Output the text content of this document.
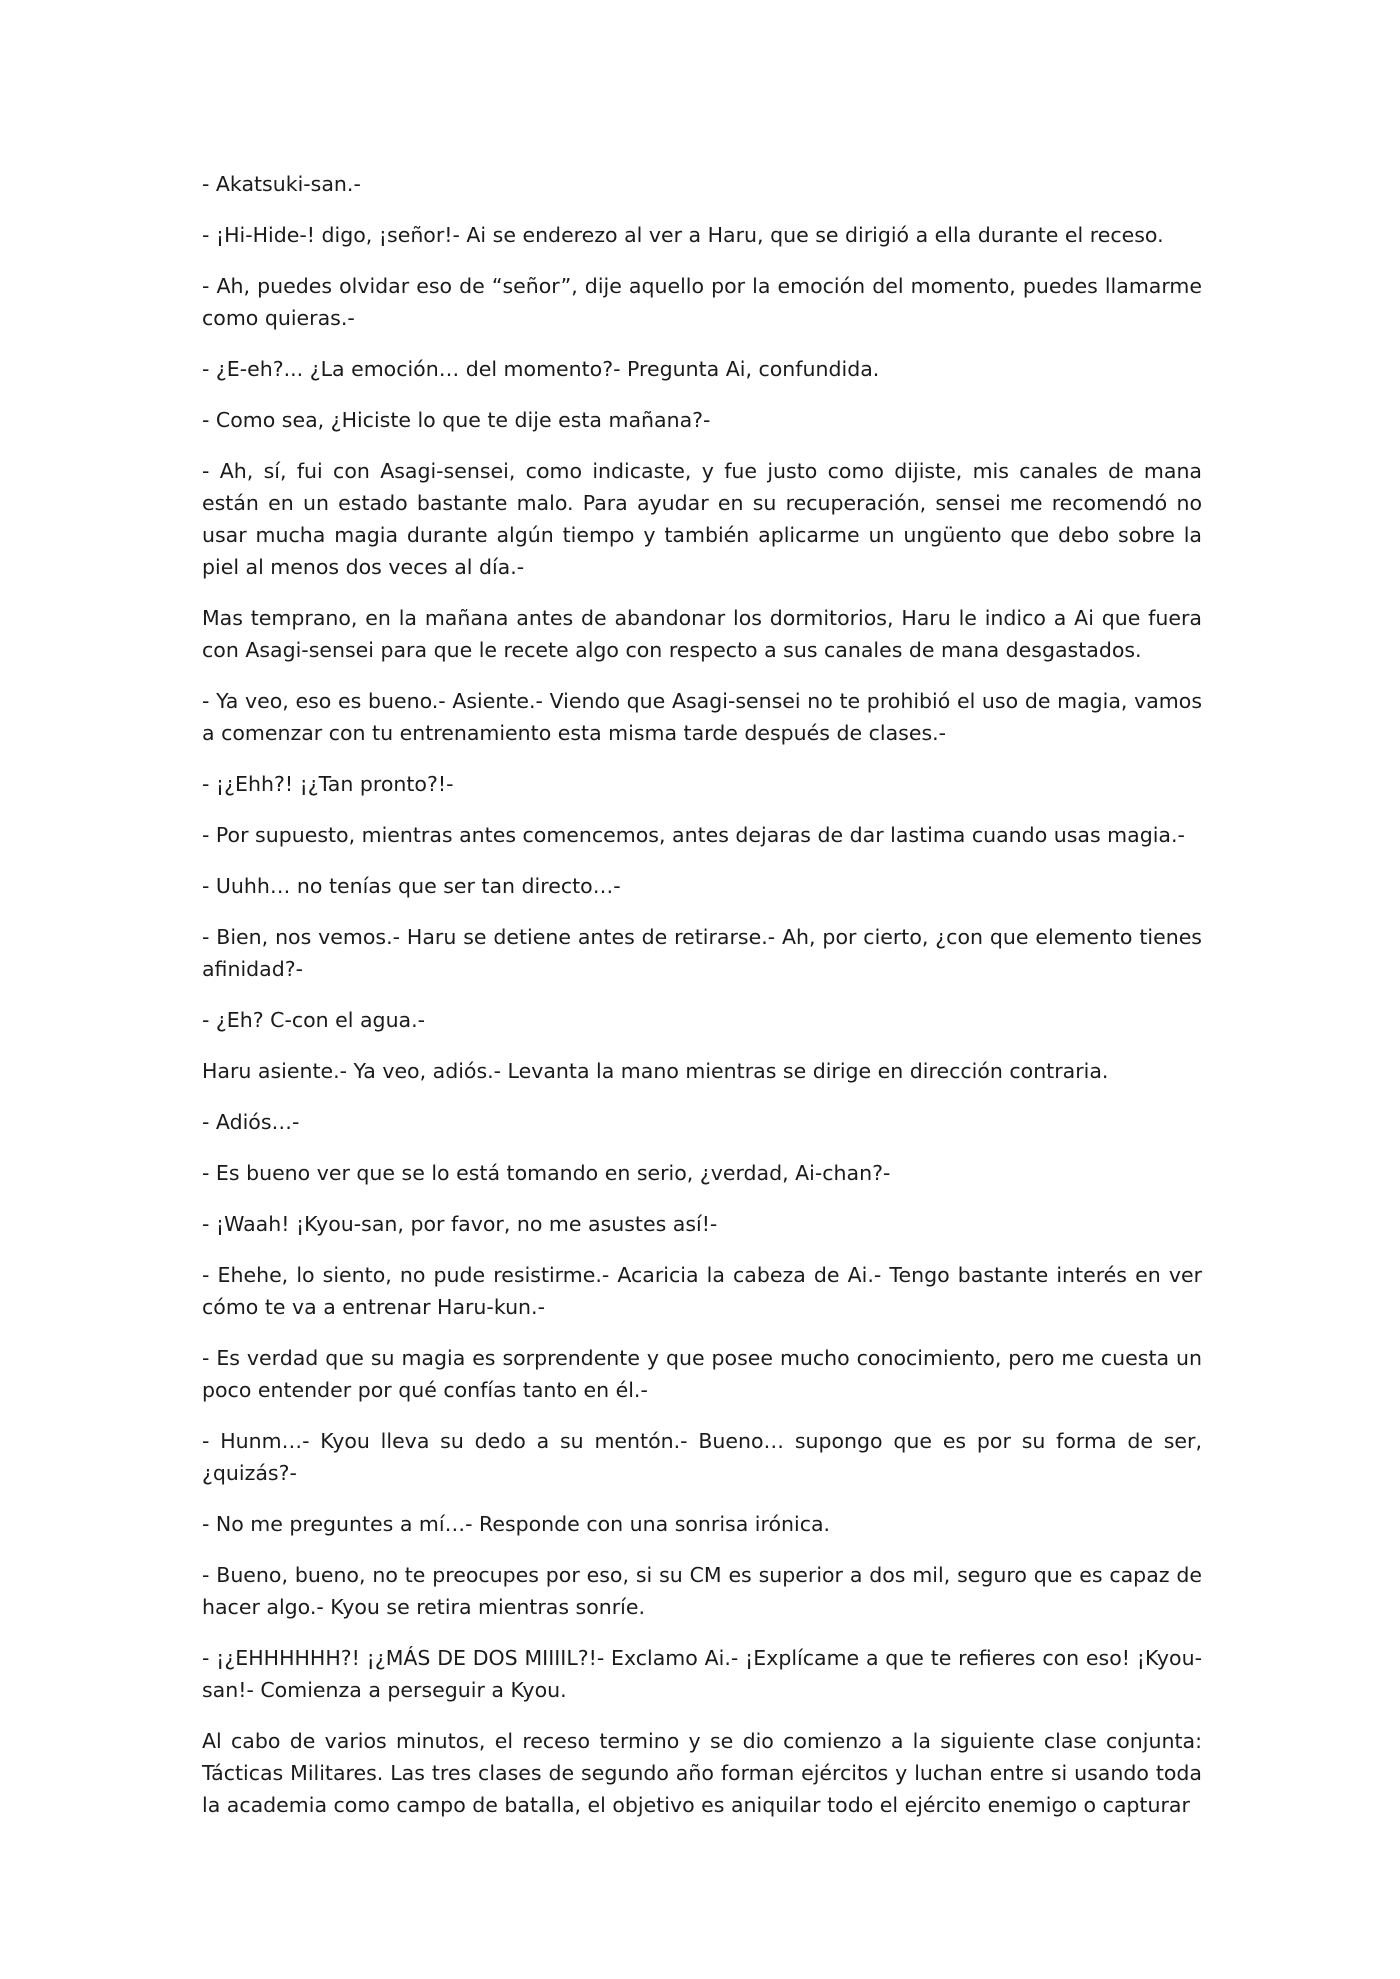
- Akatsuki-san.-

- ¡Hi-Hide-! digo, ¡señor!- Ai se enderezo al ver a Haru, que se dirigió a ella durante el receso.

- Ah, puedes olvidar eso de “señor”, dije aquello por la emoción del momento, puedes llamarme como quieras.-

- ¿E-eh?... ¿La emoción… del momento?- Pregunta Ai, confundida.

- Como sea, ¿Hiciste lo que te dije esta mañana?-

- Ah, sí, fui con Asagi-sensei, como indicaste, y fue justo como dijiste, mis canales de mana están en un estado bastante malo. Para ayudar en su recuperación, sensei me recomendó no usar mucha magia durante algún tiempo y también aplicarme un ungüento que debo sobre la piel al menos dos veces al día.-

Mas temprano, en la mañana antes de abandonar los dormitorios, Haru le indico a Ai que fuera con Asagi-sensei para que le recete algo con respecto a sus canales de mana desgastados.

- Ya veo, eso es bueno.- Asiente.- Viendo que Asagi-sensei no te prohibió el uso de magia, vamos a comenzar con tu entrenamiento esta misma tarde después de clases.-

- ¡¿Ehh?! ¡¿Tan pronto?!-

- Por supuesto, mientras antes comencemos, antes dejaras de dar lastima cuando usas magia.-

- Uuhh… no tenías que ser tan directo…-

- Bien, nos vemos.- Haru se detiene antes de retirarse.- Ah, por cierto, ¿con que elemento tienes afinidad?-

- ¿Eh? C-con el agua.-

Haru asiente.- Ya veo, adiós.- Levanta la mano mientras se dirige en dirección contraria.

- Adiós…-

- Es bueno ver que se lo está tomando en serio, ¿verdad, Ai-chan?-

- ¡Waah! ¡Kyou-san, por favor, no me asustes así!-

- Ehehe, lo siento, no pude resistirme.- Acaricia la cabeza de Ai.- Tengo bastante interés en ver cómo te va a entrenar Haru-kun.-

- Es verdad que su magia es sorprendente y que posee mucho conocimiento, pero me cuesta un poco entender por qué confías tanto en él.-

- Hunm…- Kyou lleva su dedo a su mentón.- Bueno… supongo que es por su forma de ser, ¿quizás?-

- No me preguntes a mí…- Responde con una sonrisa irónica.

- Bueno, bueno, no te preocupes por eso, si su CM es superior a dos mil, seguro que es capaz de hacer algo.- Kyou se retira mientras sonríe.

- ¡¿EHHHHHH?! ¡¿MÁS DE DOS MIIIIL?!- Exclamo Ai.- ¡Explícame a que te refieres con eso! ¡Kyou-san!- Comienza a perseguir a Kyou.

Al cabo de varios minutos, el receso termino y se dio comienzo a la siguiente clase conjunta: Tácticas Militares. Las tres clases de segundo año forman ejércitos y luchan entre si usando toda la academia como campo de batalla, el objetivo es aniquilar todo el ejército enemigo o capturar
